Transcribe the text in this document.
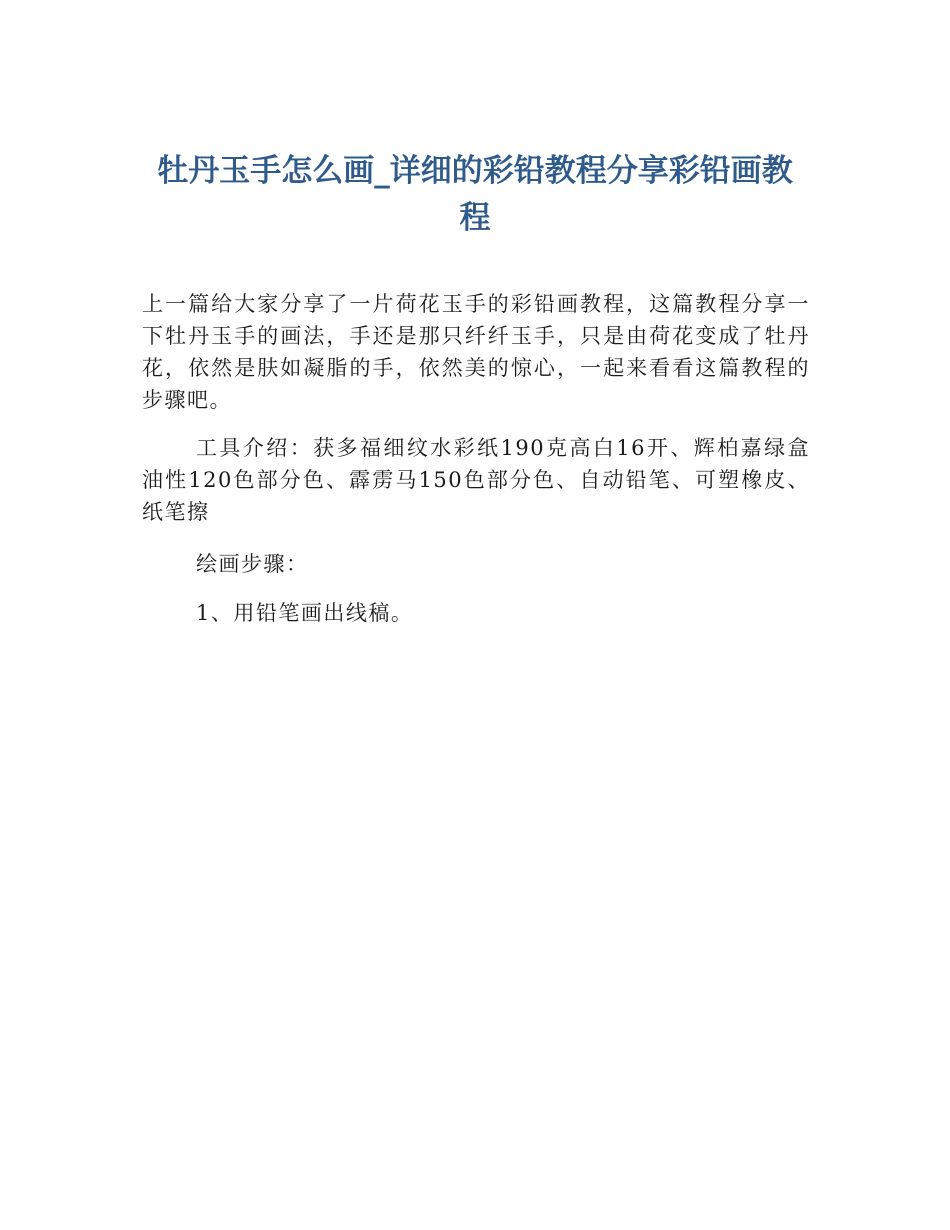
牡丹玉手怎么画_详细的彩铅教程分享彩铅画教程

上一篇给大家分享了一片荷花玉手的彩铅画教程，这篇教程分享一下牡丹玉手的画法，手还是那只纤纤玉手，只是由荷花变成了牡丹花，依然是肤如凝脂的手，依然美的惊心，一起来看看这篇教程的步骤吧。

工具介绍：获多福细纹水彩纸190克高白16开、辉柏嘉绿盒油性120色部分色、霹雳马150色部分色、自动铅笔、可塑橡皮、纸笔擦

绘画步骤：

1、用铅笔画出线稿。
